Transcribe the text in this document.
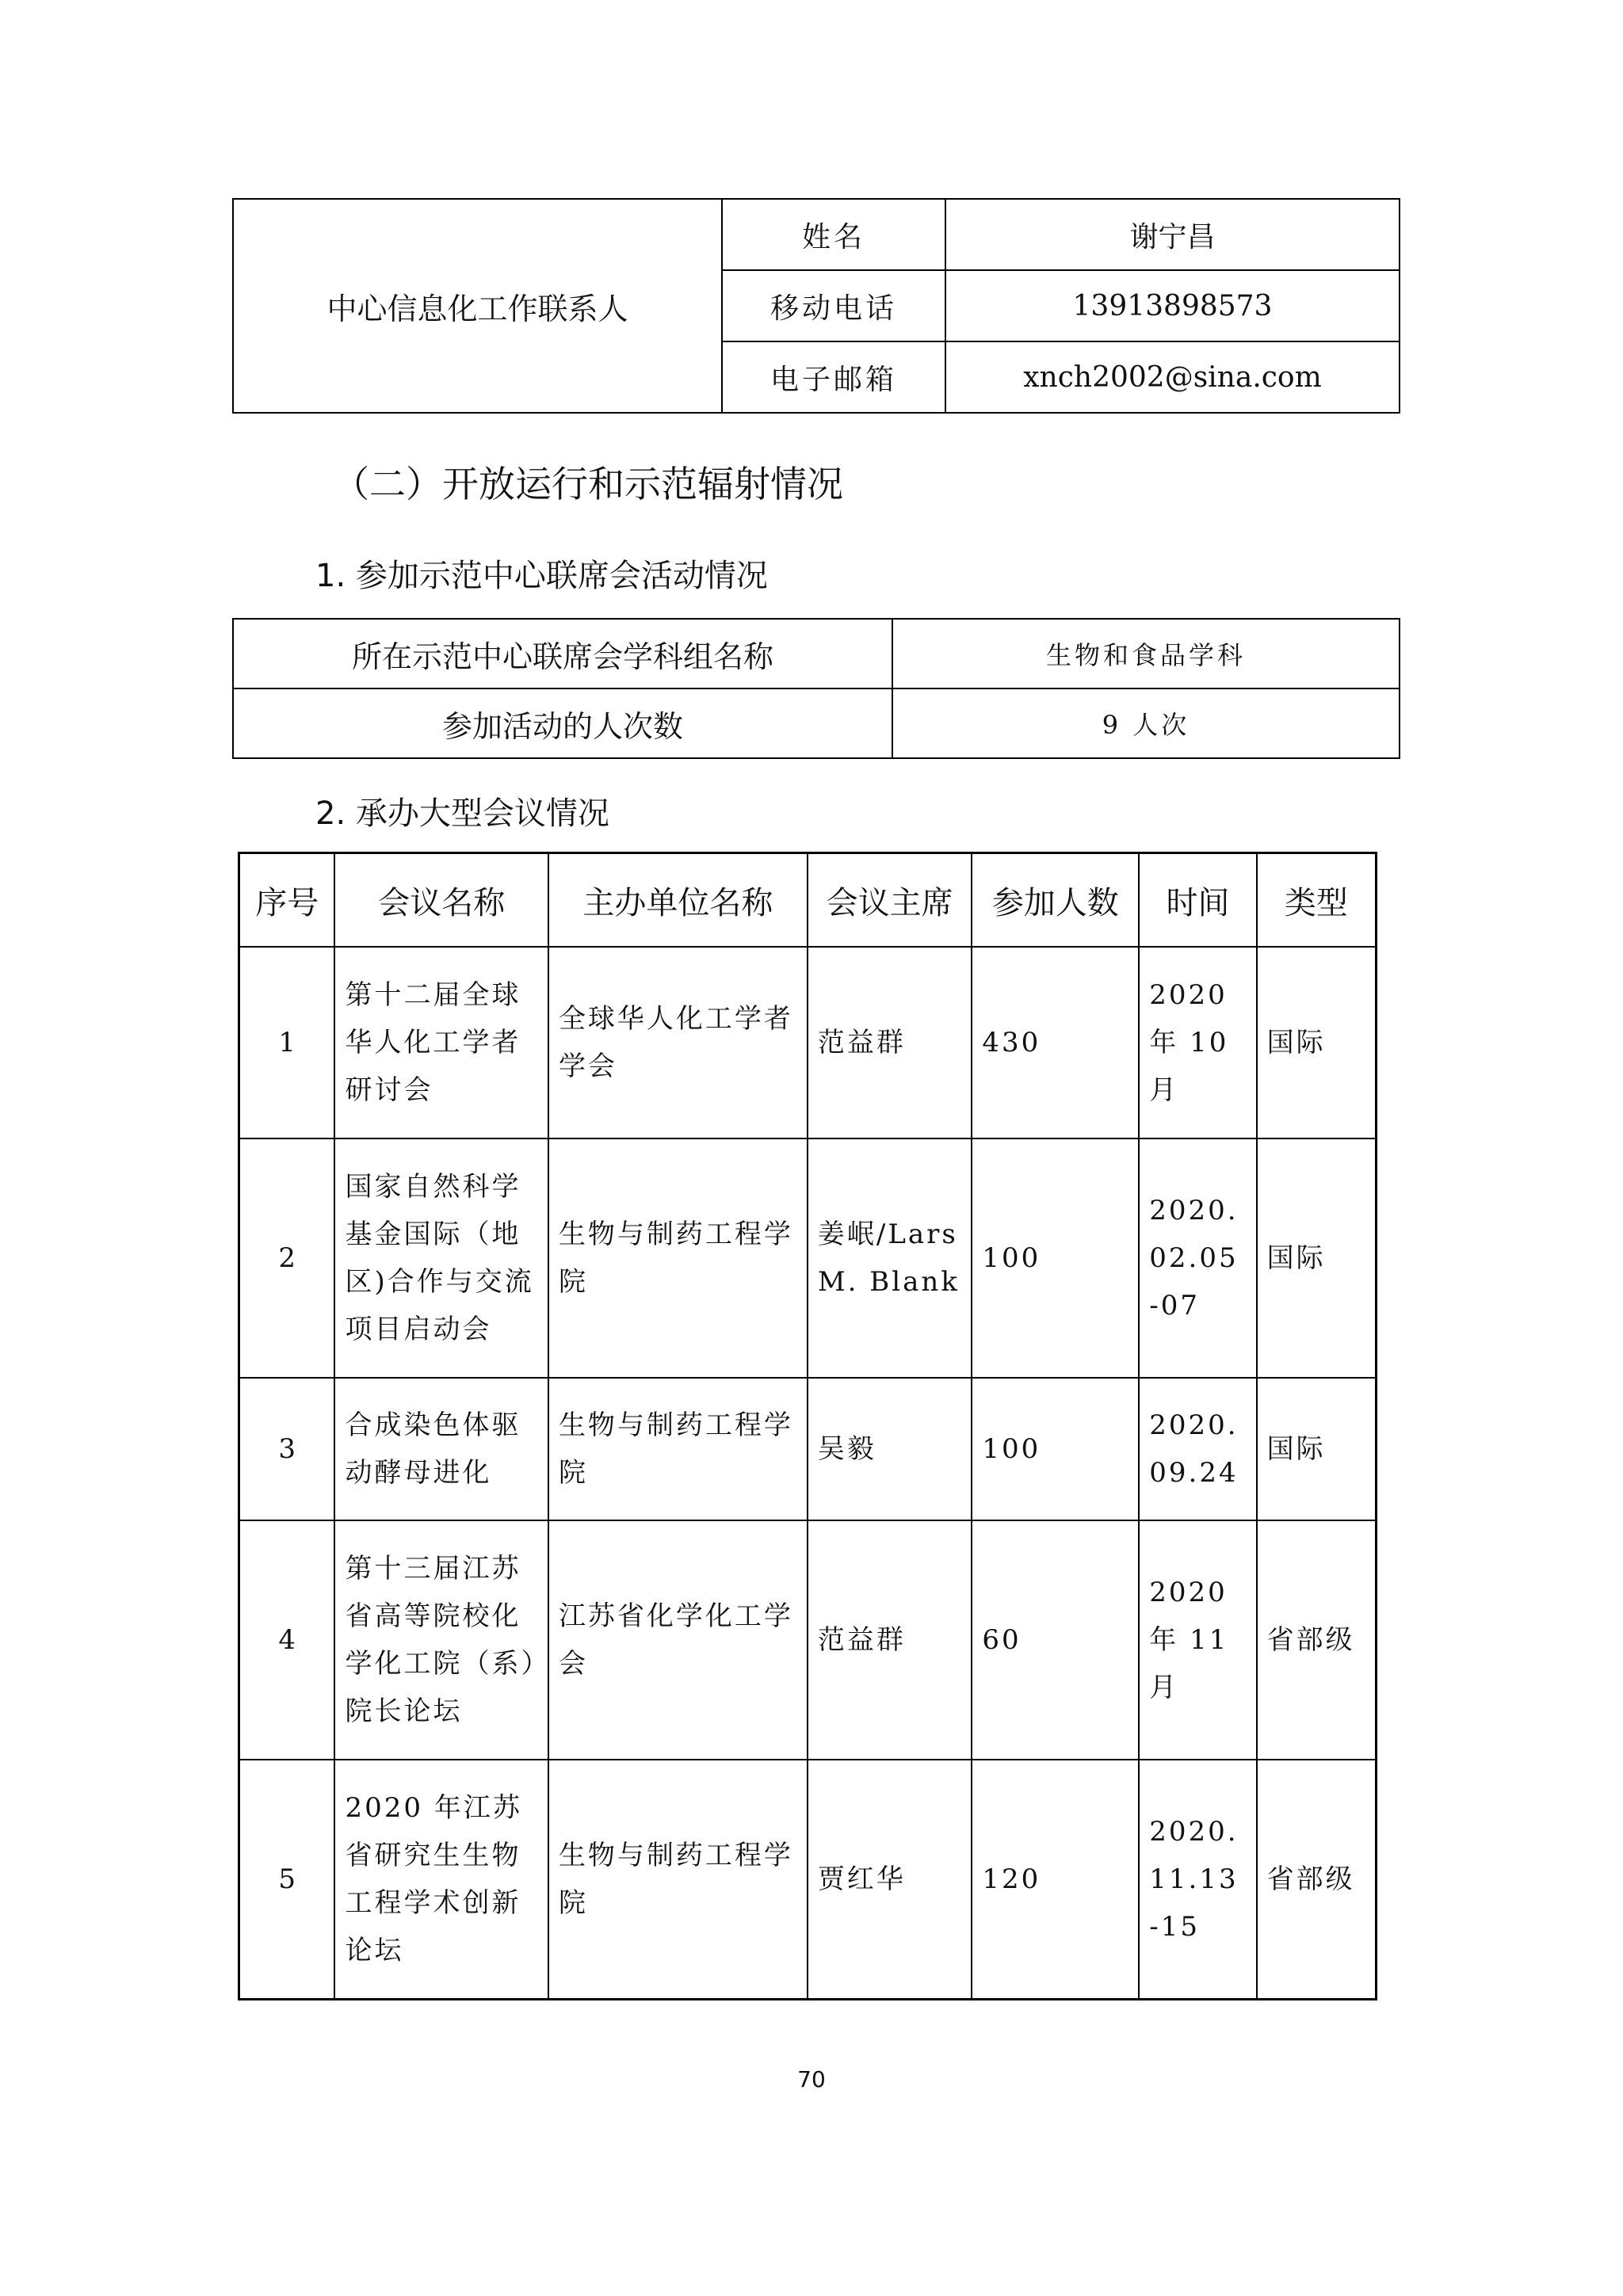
中心信息化工作联系人	姓名	谢宁昌
	移动电话	13913898573
	电子邮箱	xnch2002@sina.com
（二）开放运行和示范辐射情况
1. 参加示范中心联席会活动情况
所在示范中心联席会学科组名称	生物和食品学科
参加活动的人次数	9 人次
2. 承办大型会议情况
序号	会议名称	主办单位名称	会议主席	参加人数	时间	类型
1	第十二届全球华人化工学者研讨会	全球华人化工学者学会	范益群	430	2020 年 10 月	国际
2	国家自然科学基金国际（地区)合作与交流项目启动会	生物与制药工程学院	姜岷/Lars M. Blank	100	2020.02.05-07	国际
3	合成染色体驱动酵母进化	生物与制药工程学院	吴毅	100	2020.09.24	国际
4	第十三届江苏省高等院校化学化工院（系）院长论坛	江苏省化学化工学会	范益群	60	2020 年 11 月	省部级
5	2020 年江苏省研究生生物工程学术创新论坛	生物与制药工程学院	贾红华	120	2020.11.13-15	省部级
70
